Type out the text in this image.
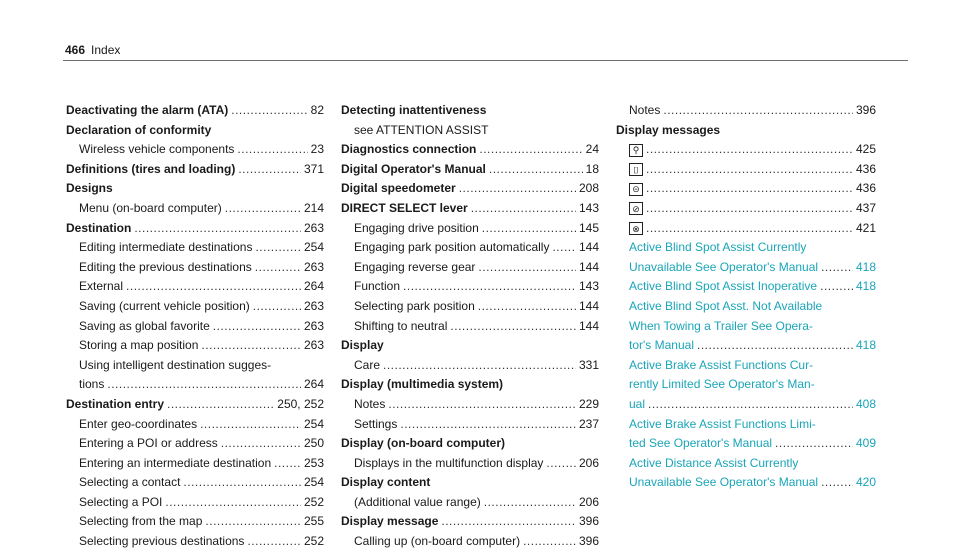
466 Index
Deactivating the alarm (ATA) .....	82
Declaration of conformity
Wireless vehicle components .....	23
Definitions (tires and loading) .....	371
Designs
Menu (on-board computer) .....	214
Destination .....	263
Editing intermediate destinations .....	254
Editing the previous destinations .....	263
External .....	264
Saving (current vehicle position) .....	263
Saving as global favorite .....	263
Storing a map position .....	263
Using intelligent destination sugges-
tions .....	264
Destination entry .....	250, 252
Enter geo-coordinates .....	254
Entering a POI or address .....	250
Entering an intermediate destination .....	253
Selecting a contact .....	254
Selecting a POI .....	252
Selecting from the map .....	255
Selecting previous destinations .....	252
Detecting inattentiveness
see ATTENTION ASSIST
Diagnostics connection .....	24
Digital Operator's Manual .....	18
Digital speedometer .....	208
DIRECT SELECT lever .....	143
Engaging drive position .....	145
Engaging park position automatically ..... 144
Engaging reverse gear .....	144
Function .....	143
Selecting park position .....	144
Shifting to neutral .....	144
Display
Care .....	331
Display (multimedia system)
Notes .....	229
Settings .....	237
Display (on-board computer)
Displays in the multifunction display .....	206
Display content
(Additional value range) .....	206
Display message .....	396
Calling up (on-board computer) .....	396
Notes .....	396
Display messages
⚲ .....	425
⌷ .....	436
⊝ .....	436
⊘ .....	437
⊗ .....	421
Active Blind Spot Assist Currently
Unavailable See Operator's Manual .....	418
Active Blind Spot Assist Inoperative .....	418
Active Blind Spot Asst. Not Available
When Towing a Trailer See Opera-
tor's Manual .....	418
Active Brake Assist Functions Cur-
rently Limited See Operator's Man-
ual .....	408
Active Brake Assist Functions Limi-
ted See Operator's Manual .....	409
Active Distance Assist Currently
Unavailable See Operator's Manual .....	420
